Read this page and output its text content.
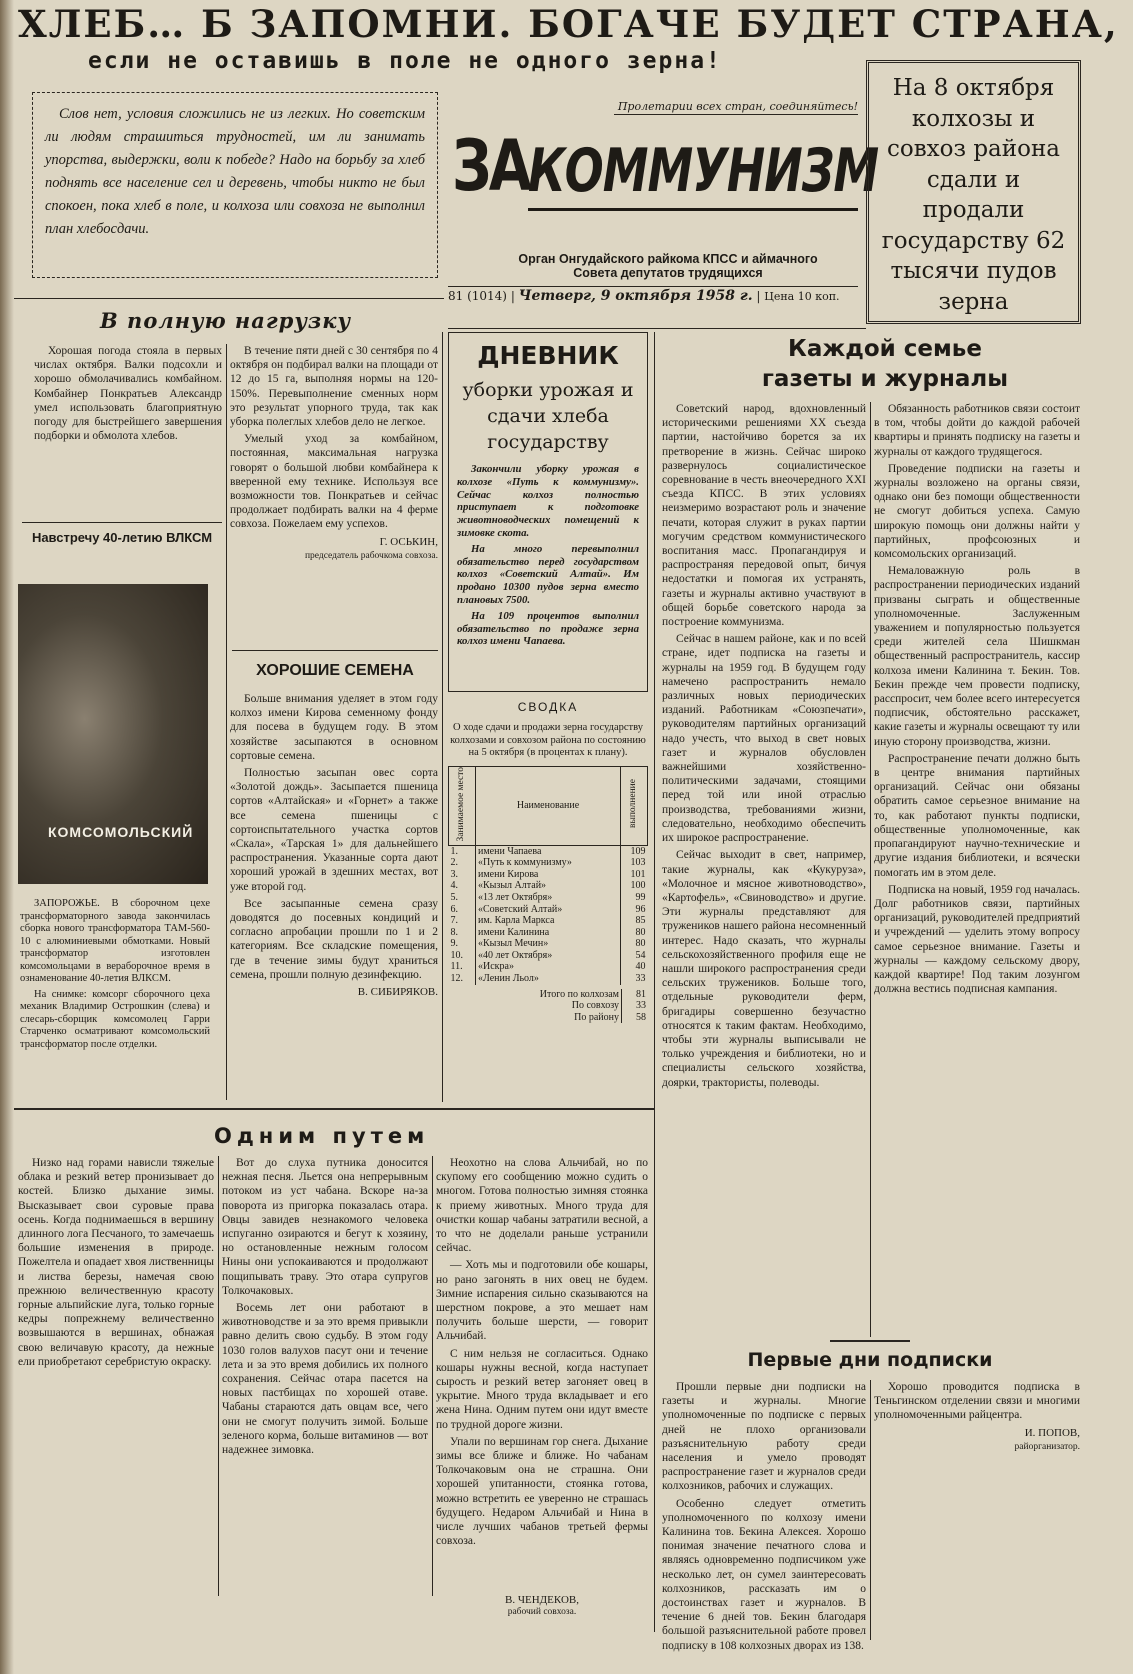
ХЛЕБ… Б ЗАПОМНИ. БОГАЧЕ БУДЕТ СТРАНА,
если не оставишь в поле не одного зерна!

Слов нет, условия сложились не из легких. Но советским ли людям страшиться трудностей, им ли занимать упорства, выдержки, воли к победе? Надо на борьбу за хлеб поднять все население сел и деревень, чтобы никто не был спокоен, пока хлеб в поле, и колхоза или совхоза не выполнил план хлебосдачи.

Пролетарии всех стран, соединяйтесь!
ЗА
КОММУНИЗМ
Орган Онгудайского райкома КПСС и аймачного Совета депутатов трудящихся
81 (1014) | Четверг, 9 октября 1958 г. | Цена 10 коп.
На 8 октября колхозы и совхоз района сдали и продали государству 62 тысячи пудов зерна
В полную нагрузку

Хорошая погода стояла в первых числах октября. Валки подсохли и хорошо обмолачивались комбайном. Комбайнер Понкратьев Александр умел использовать благоприятную погоду для быстрейшего завершения подборки и обмолота хлебов.

В течение пяти дней с 30 сентября по 4 октября он подбирал валки на площади от 12 до 15 га, выполняя нормы на 120-150%. Перевыполнение сменных норм это результат упорного труда, так как уборка полеглых хлебов дело не легкое.

Умелый уход за комбайном, постоянная, максимальная нагрузка говорят о большой любви комбайнера к вверенной ему технике. Используя все возможности тов. Понкратьев и сейчас продолжает подбирать валки на 4 ферме совхоза. Пожелаем ему успехов.

Г. ОСЬКИН,
председатель рабочкома совхоза.
Навстречу 40-летию ВЛКСМ
КОМСОМОЛЬСКИЙ

ЗАПОРОЖЬЕ. В сборочном цехе трансформаторного завода закончилась сборка нового трансформатора ТАМ-560-10 с алюминиевыми обмотками. Новый трансформатор изготовлен комсомольцами в вераборочное время в ознаменование 40-летия ВЛКСМ.

На снимке: комсорг сборочного цеха механик Владимир Острошкин (слева) и слесарь-сборщик комсомолец Гарри Старченко осматривают комсомольский трансформатор после отделки.

ХОРОШИЕ СЕМЕНА

Больше внимания уделяет в этом году колхоз имени Кирова семенному фонду для посева в будущем году. В этом хозяйстве засыпаются в основном сортовые семена.

Полностью засыпан овес сорта «Золотой дождь». Засыпается пшеница сортов «Алтайская» и «Горнет» а также все семена пшеницы с сортоиспытательного участка сортов «Скала», «Тарская 1» для дальнейшего распространения. Указанные сорта дают хороший урожай в здешних местах, вот уже второй год.

Все засыпанные семена сразу доводятся до посевных кондиций и согласно апробации прошли по 1 и 2 категориям. Все складские помещения, где в течение зимы будут храниться семена, прошли полную дезинфекцию.

В. СИБИРЯКОВ.
ДНЕВНИК
уборки урожая и сдачи хлеба государству

Закончили уборку урожая в колхозе «Путь к коммунизму». Сейчас колхоз полностью приступает к подготовке животноводческих помещений к зимовке скота.

На много перевыполнил обязательство перед государством колхоз «Советский Алтай». Им продано 10300 пудов зерна вместо плановых 7500.

На 109 процентов выполнил обязательство по продаже зерна колхоз имени Чапаева.

СВОДКА
О ходе сдачи и продажи зерна государству колхозами и совхозом района по состоянию на 5 октября (в процентах к плану).
Занимаемое место	Наименование	выполнение
1.	имени Чапаева	109
2.	«Путь к коммунизму»	103
3.	имени Кирова	101
4.	«Кызыл Алтай»	100
5.	«13 лет Октября»	99
6.	«Советский Алтай»	96
7.	им. Карла Маркса	85
8.	имени Калинина	80
9.	«Кызыл Мечин»	80
10.	«40 лет Октября»	54
11.	«Искра»	40
12.	«Ленин Льол»	33
Итого по колхозам	81
По совхозу	33
По району	58
Каждой семье газеты и журналы

Советский народ, вдохновленный историческими решениями XX съезда партии, настойчиво борется за их претворение в жизнь. Сейчас широко развернулось социалистическое соревнование в честь внеочередного XXI съезда КПСС. В этих условиях неизмеримо возрастают роль и значение печати, которая служит в руках партии могучим средством коммунистического воспитания масс. Пропагандируя и распространяя передовой опыт, бичуя недостатки и помогая их устранять, газеты и журналы активно участвуют в общей борьбе советского народа за построение коммунизма.

Сейчас в нашем районе, как и по всей стране, идет подписка на газеты и журналы на 1959 год. В будущем году намечено распространить немало различных новых периодических изданий. Работникам «Союзпечати», руководителям партийных организаций надо учесть, что выход в свет новых газет и журналов обусловлен важнейшими хозяйственно-политическими задачами, стоящими перед той или иной отраслью производства, требованиями жизни, следовательно, необходимо обеспечить их широкое распространение.

Сейчас выходит в свет, например, такие журналы, как «Кукуруза», «Молочное и мясное животноводство», «Картофель», «Свиноводство» и другие. Эти журналы представляют для тружеников нашего района несомненный интерес. Надо сказать, что журналы сельскохозяйственного профиля еще не нашли широкого распространения среди сельских тружеников. Больше того, отдельные руководители ферм, бригадиры совершенно безучастно относятся к таким фактам. Необходимо, чтобы эти журналы выписывали не только учреждения и библиотеки, но и специалисты сельского хозяйства, доярки, трактористы, полеводы.

Обязанность работников связи состоит в том, чтобы дойти до каждой рабочей квартиры и принять подписку на газеты и журналы от каждого трудящегося.

Проведение подписки на газеты и журналы возложено на органы связи, однако они без помощи общественности не смогут добиться успеха. Самую широкую помощь они должны найти у партийных, профсоюзных и комсомольских организаций.

Немаловажную роль в распространении периодических изданий призваны сыграть и общественные уполномоченные. Заслуженным уважением и популярностью пользуется среди жителей села Шишкман общественный распространитель, кассир колхоза имени Калинина т. Бекин. Тов. Бекин прежде чем провести подписку, расспросит, чем более всего интересуется подписчик, обстоятельно расскажет, какие газеты и журналы освещают ту или иную сторону производства, жизни.

Распространение печати должно быть в центре внимания партийных организаций. Сейчас они обязаны обратить самое серьезное внимание на то, как работают пункты подписки, общественные уполномоченные, как пропагандируют научно-технические и другие издания библиотеки, и всячески помогать им в этом деле.

Подписка на новый, 1959 год началась. Долг работников связи, партийных организаций, руководителей предприятий и учреждений — уделить этому вопросу самое серьезное внимание. Газеты и журналы — каждому сельскому двору, каждой квартире! Под таким лозунгом должна вестись подписная кампания.

Одним путем

Низко над горами нависли тяжелые облака и резкий ветер пронизывает до костей. Близко дыхание зимы. Высказывает свои суровые права осень. Когда поднимаешься в вершину длинного лога Песчаного, то замечаешь большие изменения в природе. Пожелтела и опадает хвоя лиственницы и листва березы, намечая свою прежнюю величественную красоту горные альпийские луга, только горные кедры попрежнему величественно возвышаются в вершинах, обнажая свою величавую красоту, да нежные ели приобретают серебристую окраску.

Вот до слуха путника доносится нежная песня. Льется она непрерывным потоком из уст чабана. Вскоре на-за поворота из пригорка показалась отара. Овцы завидев незнакомого человека испуганно озираются и бегут к хозяину, но остановленные нежным голосом Нины они успокаиваются и продолжают пощипывать траву. Это отара супругов Толкочаковых.

Восемь лет они работают в животноводстве и за это время привыкли равно делить свою судьбу. В этом году 1030 голов валухов пасут они и течение лета и за это время добились их полного сохранения. Сейчас отара пасется на новых пастбищах по хорошей отаве. Чабаны стараются дать овцам все, чего они не смогут получить зимой. Больше зеленого корма, больше витаминов — вот надежнее зимовка.

Неохотно на слова Альчибай, но по скупому его сообщению можно судить о многом. Готова полностью зимняя стоянка к приему животных. Много труда для очистки кошар чабаны затратили весной, а то что не доделали раньше устранили сейчас.

— Хоть мы и подготовили обе кошары, но рано загонять в них овец не будем. Зимние испарения сильно сказываются на шерстном покрове, а это мешает нам получить больше шерсти, — говорит Альчибай.

С ним нельзя не согласиться. Однако кошары нужны весной, когда наступает сырость и резкий ветер загоняет овец в укрытие. Много труда вкладывает и его жена Нина. Одним путем они идут вместе по трудной дороге жизни.

Упали по вершинам гор снега. Дыхание зимы все ближе и ближе. Но чабанам Толкочаковым она не страшна. Они хорошей упитанности, стоянка готова, можно встретить ее уверенно не страшась будущего. Недаром Альчибай и Нина в числе лучших чабанов третьей фермы совхоза.

В. ЧЕНДЕКОВ,
рабочий совхоза.
Первые дни подписки

Прошли первые дни подписки на газеты и журналы. Многие уполномоченные по подписке с первых дней не плохо организовали разъяснительную работу среди населения и умело проводят распространение газет и журналов среди колхозников, рабочих и служащих.

Особенно следует отметить уполномоченного по колхозу имени Калинина тов. Бекина Алексея. Хорошо понимая значение печатного слова и являясь одновременно подписчиком уже несколько лет, он сумел заинтересовать колхозников, рассказать им о достоинствах газет и журналов. В течение 6 дней тов. Бекин благодаря большой разъяснительной работе провел подписку в 108 колхозных дворах из 138.

Хорошо проводится подписка в Теньгинском отделении связи и многими уполномоченными райцентра.

И. ПОПОВ,
райорганизатор.
